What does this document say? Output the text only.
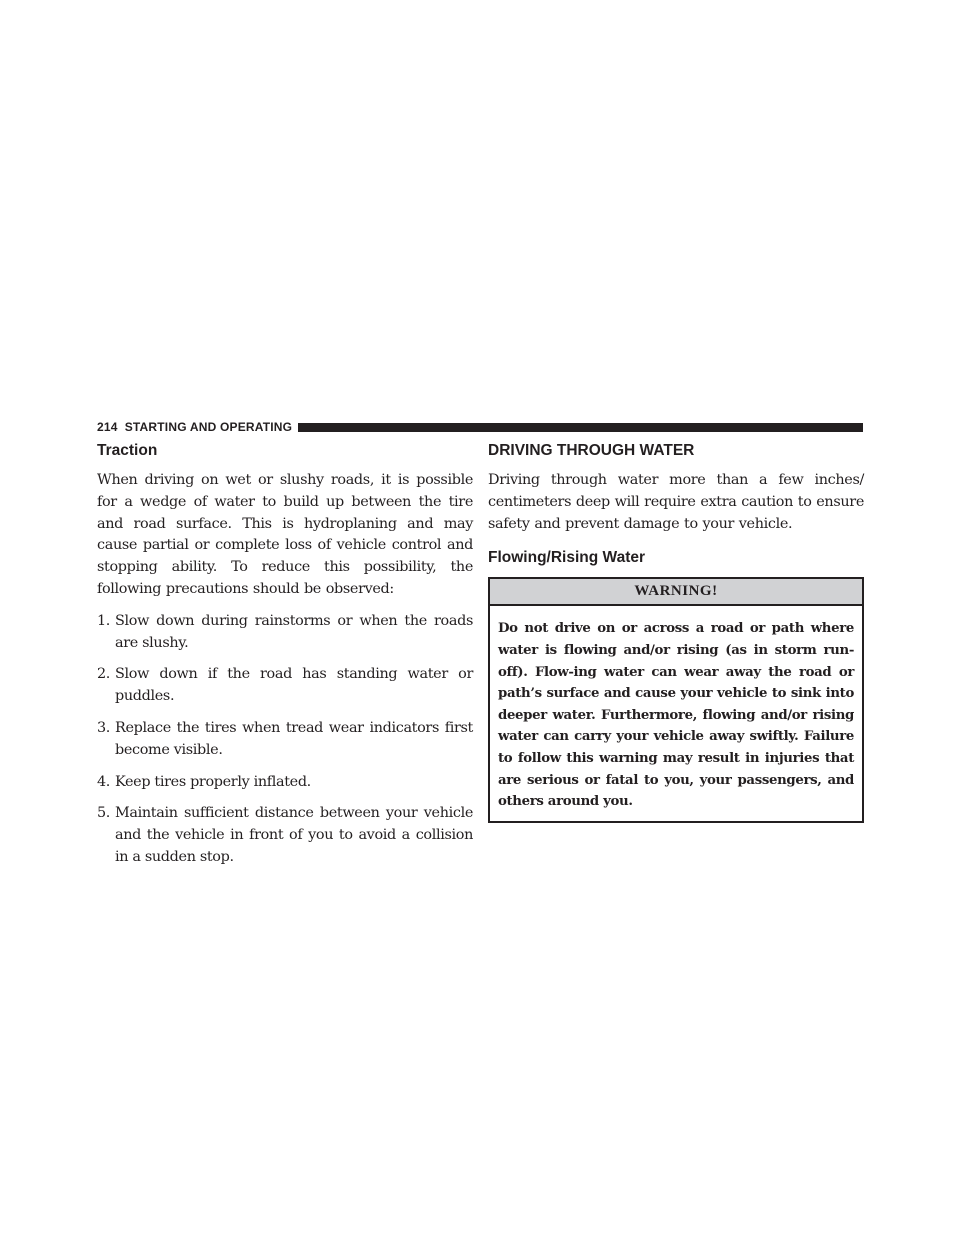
214
STARTING AND OPERATING
Traction

When driving on wet or slushy roads, it is possible for a wedge of water to build up between the tire and road surface. This is hydroplaning and may cause partial or complete loss of vehicle control and stopping ability. To reduce this possibility, the following precautions should be observed:

1. Slow down during rainstorms or when the roads are slushy.
2. Slow down if the road has standing water or puddles.
3. Replace the tires when tread wear indicators first become visible.
4. Keep tires properly inflated.
5. Maintain sufficient distance between your vehicle and the vehicle in front of you to avoid a collision in a sudden stop.
DRIVING THROUGH WATER

Driving through water more than a few inches/ centimeters deep will require extra caution to ensure safety and prevent damage to your vehicle.

Flowing/Rising Water
WARNING!
Do not drive on or across a road or path where water is flowing and/or rising (as in storm run-off). Flow-ing water can wear away the road or path’s surface and cause your vehicle to sink into deeper water. Furthermore, flowing and/or rising water can carry your vehicle away swiftly. Failure to follow this warning may result in injuries that are serious or fatal to you, your passengers, and others around you.
